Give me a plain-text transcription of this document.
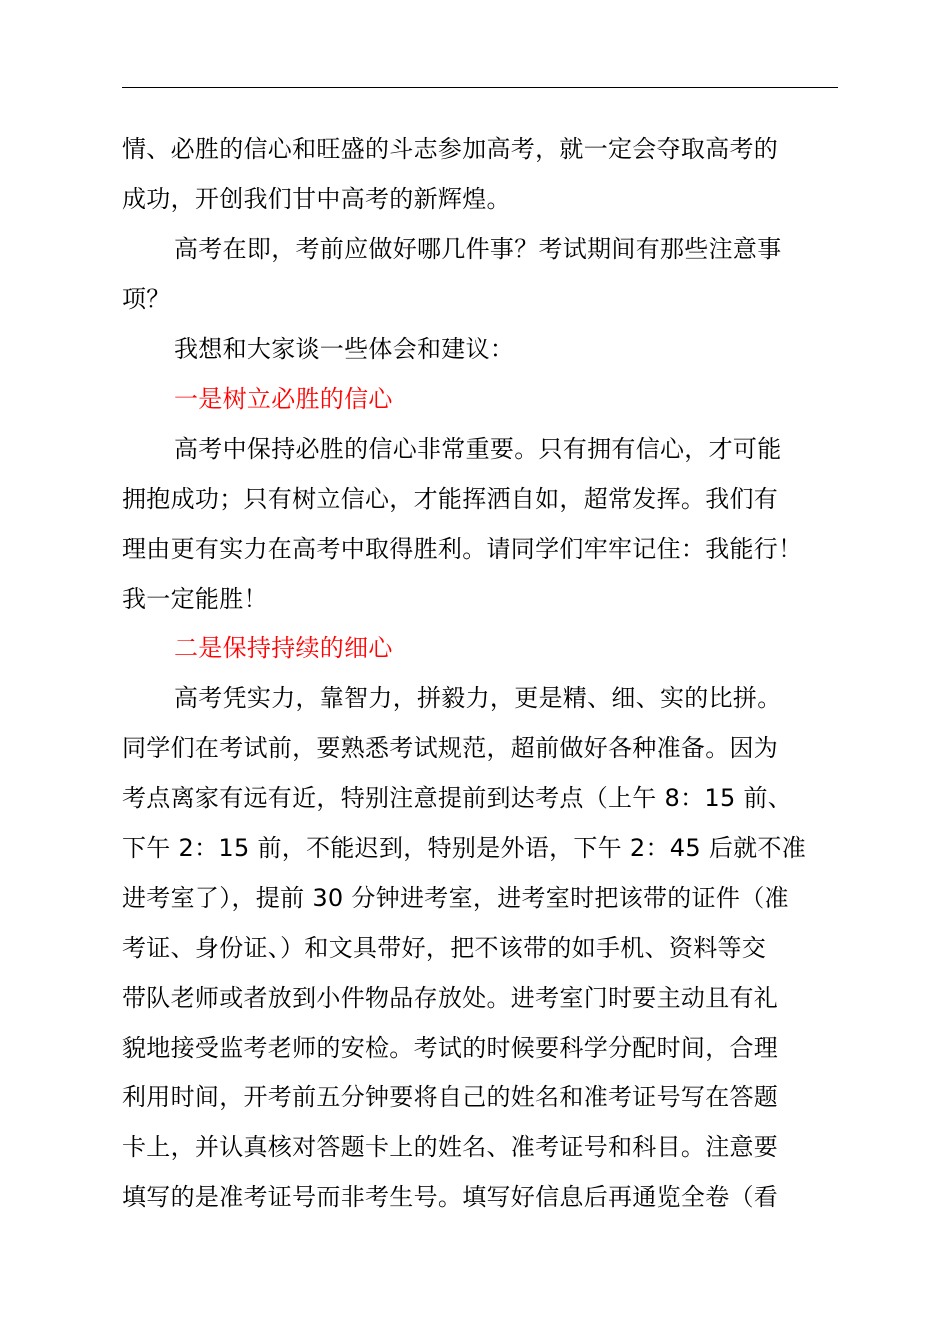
情、必胜的信心和旺盛的斗志参加高考，就一定会夺取高考的
成功，开创我们甘中高考的新辉煌。
高考在即，考前应做好哪几件事？考试期间有那些注意事
项？
我想和大家谈一些体会和建议：
一是树立必胜的信心
高考中保持必胜的信心非常重要。只有拥有信心，才可能
拥抱成功；只有树立信心，才能挥洒自如，超常发挥。我们有
理由更有实力在高考中取得胜利。请同学们牢牢记住：我能行！
我一定能胜！
二是保持持续的细心
高考凭实力，靠智力，拼毅力，更是精、细、实的比拼。
同学们在考试前，要熟悉考试规范，超前做好各种准备。因为
考点离家有远有近，特别注意提前到达考点（上午 8：15 前、
下午 2：15 前，不能迟到，特别是外语，下午 2：45 后就不准
进考室了），提前 30 分钟进考室，进考室时把该带的证件（准
考证、身份证、）和文具带好，把不该带的如手机、资料等交
带队老师或者放到小件物品存放处。进考室门时要主动且有礼
貌地接受监考老师的安检。考试的时候要科学分配时间，合理
利用时间，开考前五分钟要将自己的姓名和准考证号写在答题
卡上，并认真核对答题卡上的姓名、准考证号和科目。注意要
填写的是准考证号而非考生号。填写好信息后再通览全卷（看
